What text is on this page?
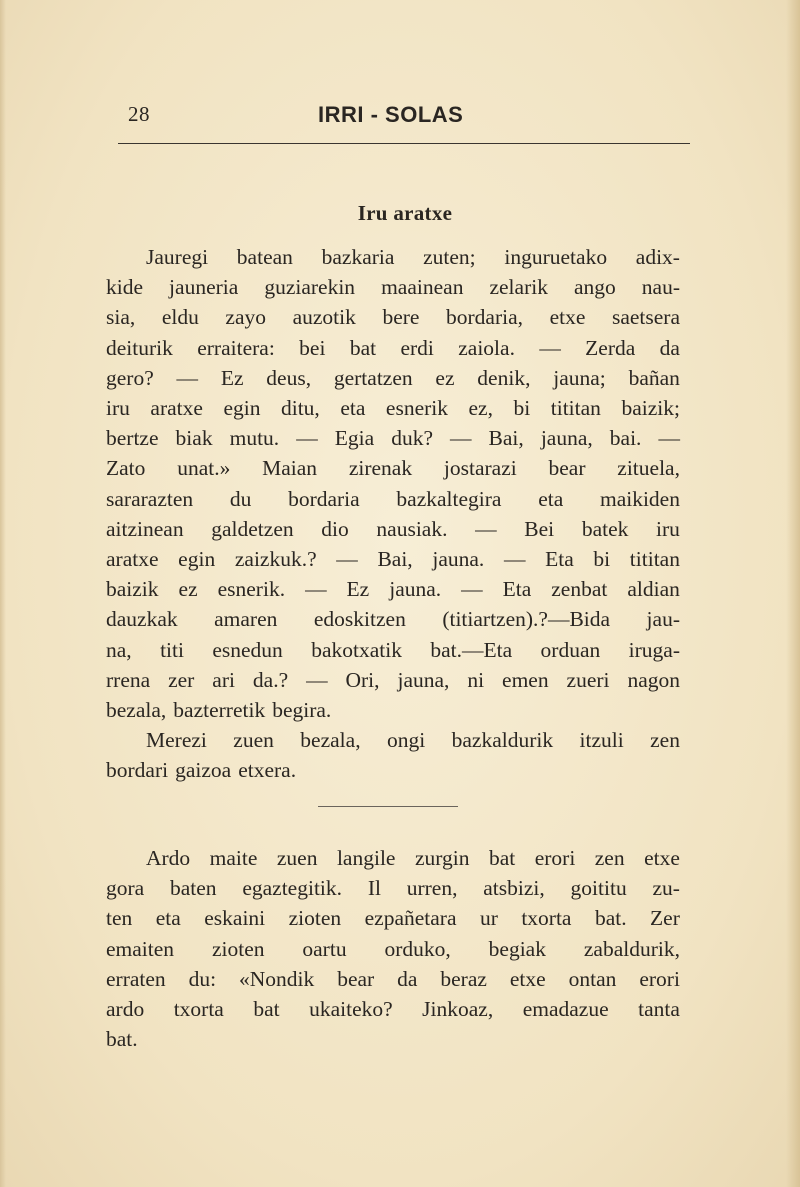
28	IRRI - SOLAS
Iru aratxe
Jauregi batean bazkaria zuten; inguruetako adix-
kide jauneria guziarekin maainean zelarik ango nau-
sia, eldu zayo auzotik bere bordaria, etxe saetsera
deiturik erraitera: bei bat erdi zaiola. — Zerda da
gero? — Ez deus, gertatzen ez denik, jauna; bañan
iru aratxe egin ditu, eta esnerik ez, bi tititan baizik;
bertze biak mutu. — Egia duk? — Bai, jauna, bai. —
Zato unat.» Maian zirenak jostarazi bear zituela,
sararazten du bordaria bazkaltegira eta maikiden
aitzinean galdetzen dio nausiak. — Bei batek iru
aratxe egin zaizkuk.? — Bai, jauna. — Eta bi tititan
baizik ez esnerik. — Ez jauna. — Eta zenbat aldian
dauzkak amaren edoskitzen (titiartzen).?—Bida jau-
na, titi esnedun bakotxatik bat.—Eta orduan iruga-
rrena zer ari da.? — Ori, jauna, ni emen zueri nagon
bezala, bazterretik begira.
Merezi zuen bezala, ongi bazkaldurik itzuli zen
bordari gaizoa etxera.
Ardo maite zuen langile zurgin bat erori zen etxe
gora baten egaztegitik. Il urren, atsbizi, goititu zu-
ten eta eskaini zioten ezpañetara ur txorta bat. Zer
emaiten zioten oartu orduko, begiak zabaldurik,
erraten du: «Nondik bear da beraz etxe ontan erori
ardo txorta bat ukaiteko? Jinkoaz, emadazue tanta
bat.
